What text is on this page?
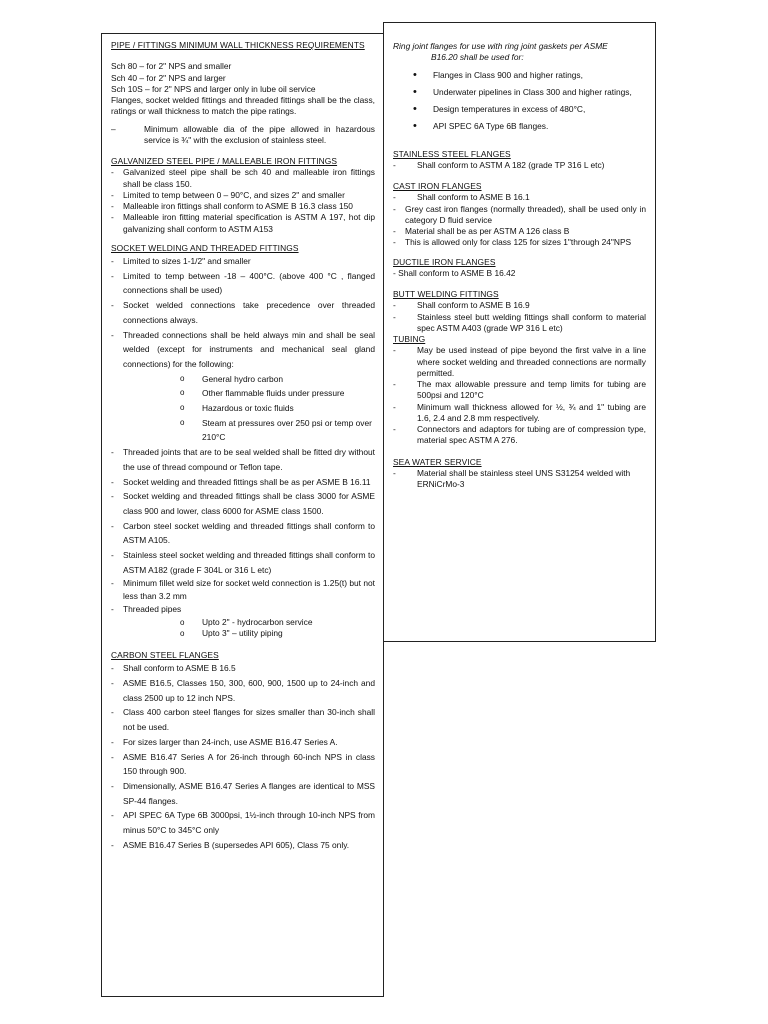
PIPE / FITTINGS MINIMUM WALL THICKNESS REQUIREMENTS

Sch 80 – for 2" NPS and smaller

Sch 40 – for 2" NPS and larger

Sch 10S – for 2" NPS and larger only in lube oil service

Flanges, socket welded fittings and threaded fittings shall be the class, ratings or wall thickness to match the pipe ratings.

–	Minimum allowable dia of the pipe allowed in hazardous service is ¾" with the exclusion of stainless steel.

GALVANIZED STEEL PIPE / MALLEABLE IRON FITTINGS

- Galvanized steel pipe shall be sch 40 and malleable iron fittings shall be class 150.
- Limited to temp between 0 – 90°C, and sizes 2" and smaller
- Malleable iron fittings shall conform to ASME B 16.3 class 150
- Malleable iron fitting material specification is ASTM A 197, hot dip galvanizing shall conform to ASTM A153

SOCKET WELDING AND THREADED FITTINGS

- Limited to sizes 1-1/2" and smaller
- Limited to temp between -18 – 400°C. (above 400 °C , flanged connections shall be used)
- Socket welded connections take precedence over threaded connections always.
- Threaded connections shall be held always min and shall be seal welded (except for instruments and mechanical seal gland connections) for the following:
o General hydro carbon
o Other flammable fluids under pressure
o Hazardous or toxic fluids
o Steam at pressures over 250 psi or temp over 210°C
- Threaded joints that are to be seal welded shall be fitted dry without the use of thread compound or Teflon tape.
- Socket welding and threaded fittings shall be as per ASME B 16.11
- Socket welding and threaded fittings shall be class 3000 for ASME class 900 and lower, class 6000 for ASME class 1500.
- Carbon steel socket welding and threaded fittings shall conform to ASTM A105.
- Stainless steel socket welding and threaded fittings shall conform to ASTM A182 (grade F 304L or 316 L etc)
- Minimum fillet weld size for socket weld connection is 1.25(t) but not less than 3.2 mm
- Threaded pipes
o Upto 2" - hydrocarbon service
o Upto 3" – utility piping

CARBON STEEL FLANGES

- Shall conform to ASME B 16.5
- ASME B16.5, Classes 150, 300, 600, 900, 1500 up to 24-inch and class 2500 up to 12 inch NPS.
- Class 400 carbon steel flanges for sizes smaller than 30-inch shall not be used.
- For sizes larger than 24-inch, use ASME B16.47 Series A.
- ASME B16.47 Series A for 26-inch through 60-inch NPS in class 150 through 900.
- Dimensionally, ASME B16.47 Series A flanges are identical to MSS SP-44 flanges.
- API SPEC 6A Type 6B 3000psi, 1½-inch through 10-inch NPS from minus 50°C to 345°C only
- ASME B16.47 Series B (supersedes API 605), Class 75 only.
Ring joint flanges for use with ring joint gaskets per ASME
B16.20 shall be used for:
• Flanges in Class 900 and higher ratings,
• Underwater pipelines in Class 300 and higher ratings,
• Design temperatures in excess of 480°C,
• API SPEC 6A Type 6B flanges.

STAINLESS STEEL FLANGES

- Shall conform to ASTM A 182 (grade TP 316 L etc)

CAST IRON FLANGES

- Shall conform to ASME B 16.1
- Grey cast iron flanges (normally threaded), shall be used only in category D fluid service
- Material shall be as per ASTM A 126 class B
- This is allowed only for class 125 for sizes 1"through 24"NPS

DUCTILE IRON FLANGES

- Shall conform to ASME B 16.42

BUTT WELDING FITTINGS

- Shall conform to ASME B 16.9
- Stainless steel butt welding fittings shall conform to material spec ASTM A403 (grade WP 316 L etc)

TUBING

- May be used instead of pipe beyond the first valve in a line where socket welding and threaded connections are normally permitted.
- The max allowable pressure and temp limits for tubing are 500psi and 120°C
- Minimum wall thickness allowed for ½, ¾ and 1" tubing are 1.6, 2.4 and 2.8 mm respectively.
- Connectors and adaptors for tubing are of compression type, material spec ASTM A 276.

SEA WATER SERVICE

- Material shall be stainless steel UNS S31254 welded with ERNiCrMo-3
